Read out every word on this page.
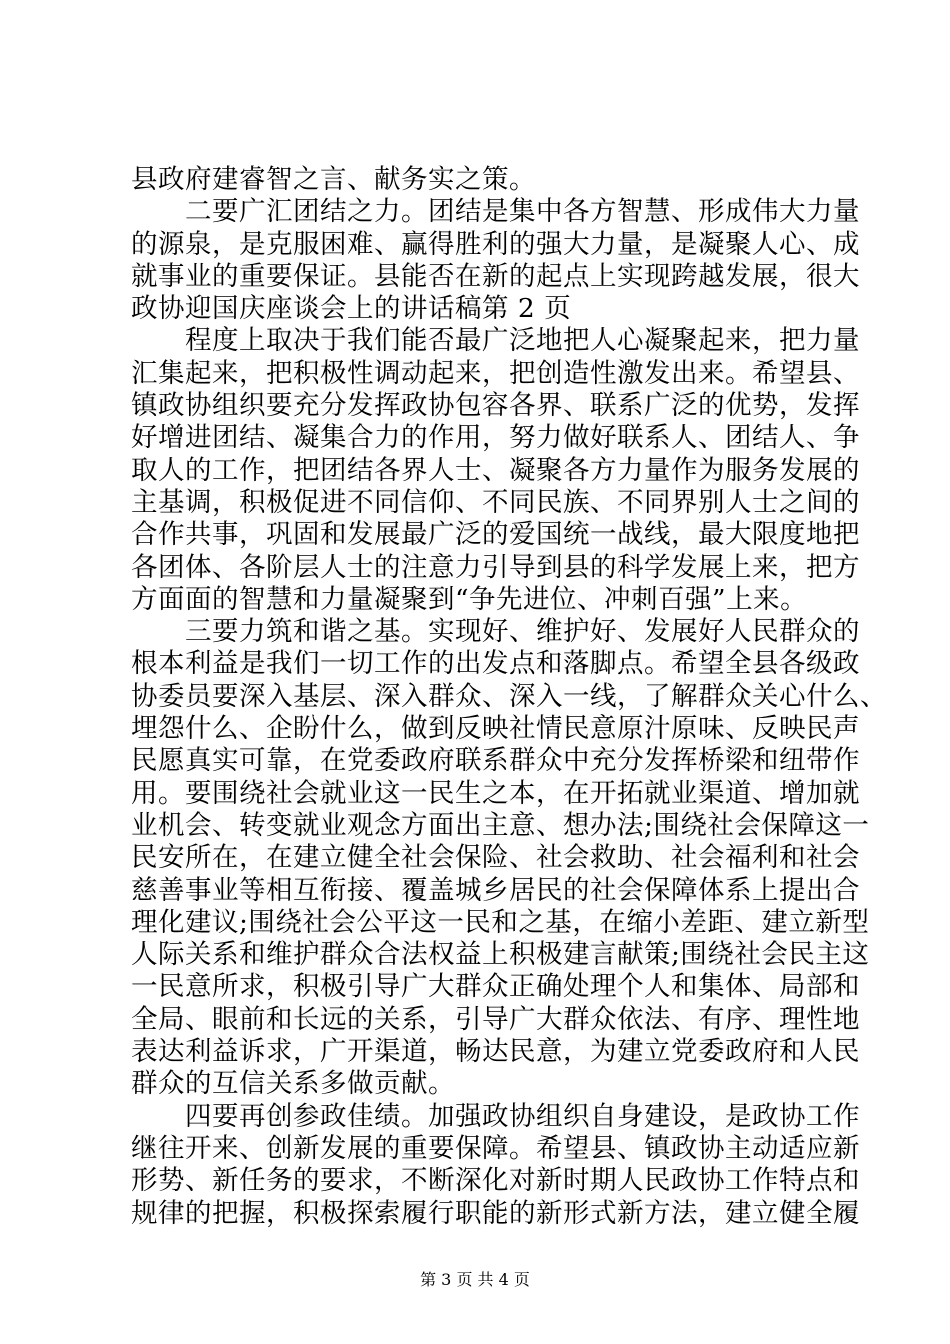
县政府建睿智之言、献务实之策。
　　二要广汇团结之力。团结是集中各方智慧、形成伟大力量
的源泉，是克服困难、赢得胜利的强大力量，是凝聚人心、成
就事业的重要保证。县能否在新的起点上实现跨越发展，很大
政协迎国庆座谈会上的讲话稿第 2 页
　　程度上取决于我们能否最广泛地把人心凝聚起来，把力量
汇集起来，把积极性调动起来，把创造性激发出来。希望县、
镇政协组织要充分发挥政协包容各界、联系广泛的优势，发挥
好增进团结、凝集合力的作用，努力做好联系人、团结人、争
取人的工作，把团结各界人士、凝聚各方力量作为服务发展的
主基调，积极促进不同信仰、不同民族、不同界别人士之间的
合作共事，巩固和发展最广泛的爱国统一战线，最大限度地把
各团体、各阶层人士的注意力引导到县的科学发展上来，把方
方面面的智慧和力量凝聚到“争先进位、冲刺百强”上来。
　　三要力筑和谐之基。实现好、维护好、发展好人民群众的
根本利益是我们一切工作的出发点和落脚点。希望全县各级政
协委员要深入基层、深入群众、深入一线，了解群众关心什么、
埋怨什么、企盼什么，做到反映社情民意原汁原味、反映民声
民愿真实可靠，在党委政府联系群众中充分发挥桥梁和纽带作
用。要围绕社会就业这一民生之本，在开拓就业渠道、增加就
业机会、转变就业观念方面出主意、想办法;围绕社会保障这一
民安所在，在建立健全社会保险、社会救助、社会福利和社会
慈善事业等相互衔接、覆盖城乡居民的社会保障体系上提出合
理化建议;围绕社会公平这一民和之基，在缩小差距、建立新型
人际关系和维护群众合法权益上积极建言献策;围绕社会民主这
一民意所求，积极引导广大群众正确处理个人和集体、局部和
全局、眼前和长远的关系，引导广大群众依法、有序、理性地
表达利益诉求，广开渠道，畅达民意，为建立党委政府和人民
群众的互信关系多做贡献。
　　四要再创参政佳绩。加强政协组织自身建设，是政协工作
继往开来、创新发展的重要保障。希望县、镇政协主动适应新
形势、新任务的要求，不断深化对新时期人民政协工作特点和
规律的把握，积极探索履行职能的新形式新方法，建立健全履
第 3 页 共 4 页
